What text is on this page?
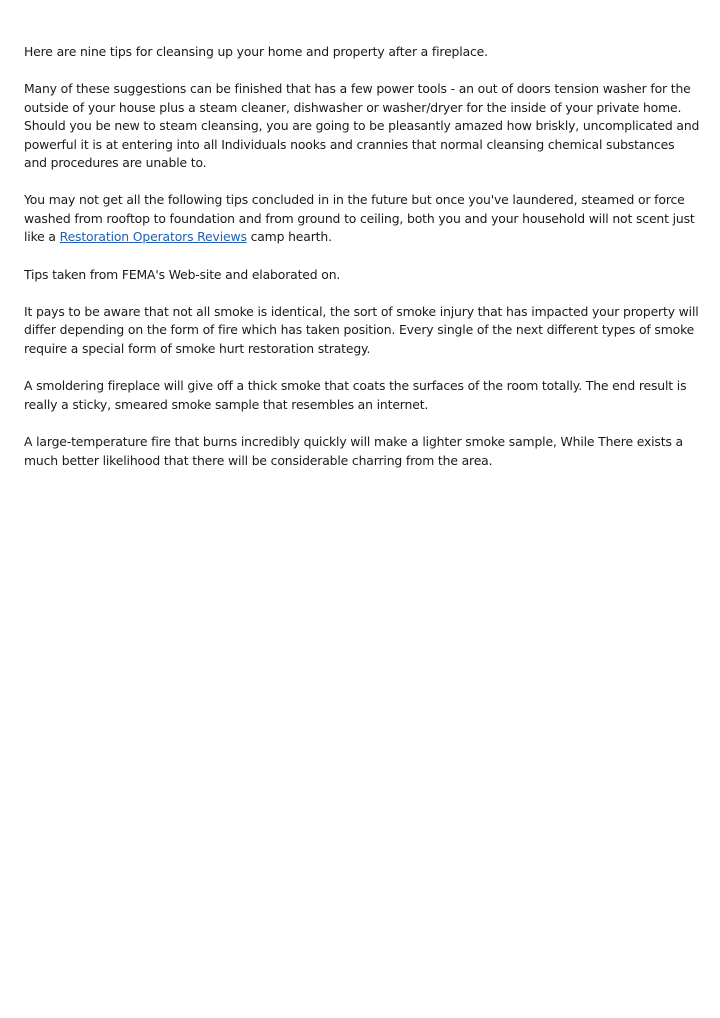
Here are nine tips for cleansing up your home and property after a fireplace.

Many of these suggestions can be finished that has a few power tools - an out of doors tension washer for the outside of your house plus a steam cleaner, dishwasher or washer/dryer for the inside of your private home. Should you be new to steam cleansing, you are going to be pleasantly amazed how briskly, uncomplicated and powerful it is at entering into all Individuals nooks and crannies that normal cleansing chemical substances and procedures are unable to.

You may not get all the following tips concluded in in the future but once you've laundered, steamed or force washed from rooftop to foundation and from ground to ceiling, both you and your household will not scent just like a Restoration Operators Reviews camp hearth.

Tips taken from FEMA's Web-site and elaborated on.

It pays to be aware that not all smoke is identical, the sort of smoke injury that has impacted your property will differ depending on the form of fire which has taken position. Every single of the next different types of smoke require a special form of smoke hurt restoration strategy.

A smoldering fireplace will give off a thick smoke that coats the surfaces of the room totally. The end result is really a sticky, smeared smoke sample that resembles an internet.

A large-temperature fire that burns incredibly quickly will make a lighter smoke sample, While There exists a much better likelihood that there will be considerable charring from the area.
